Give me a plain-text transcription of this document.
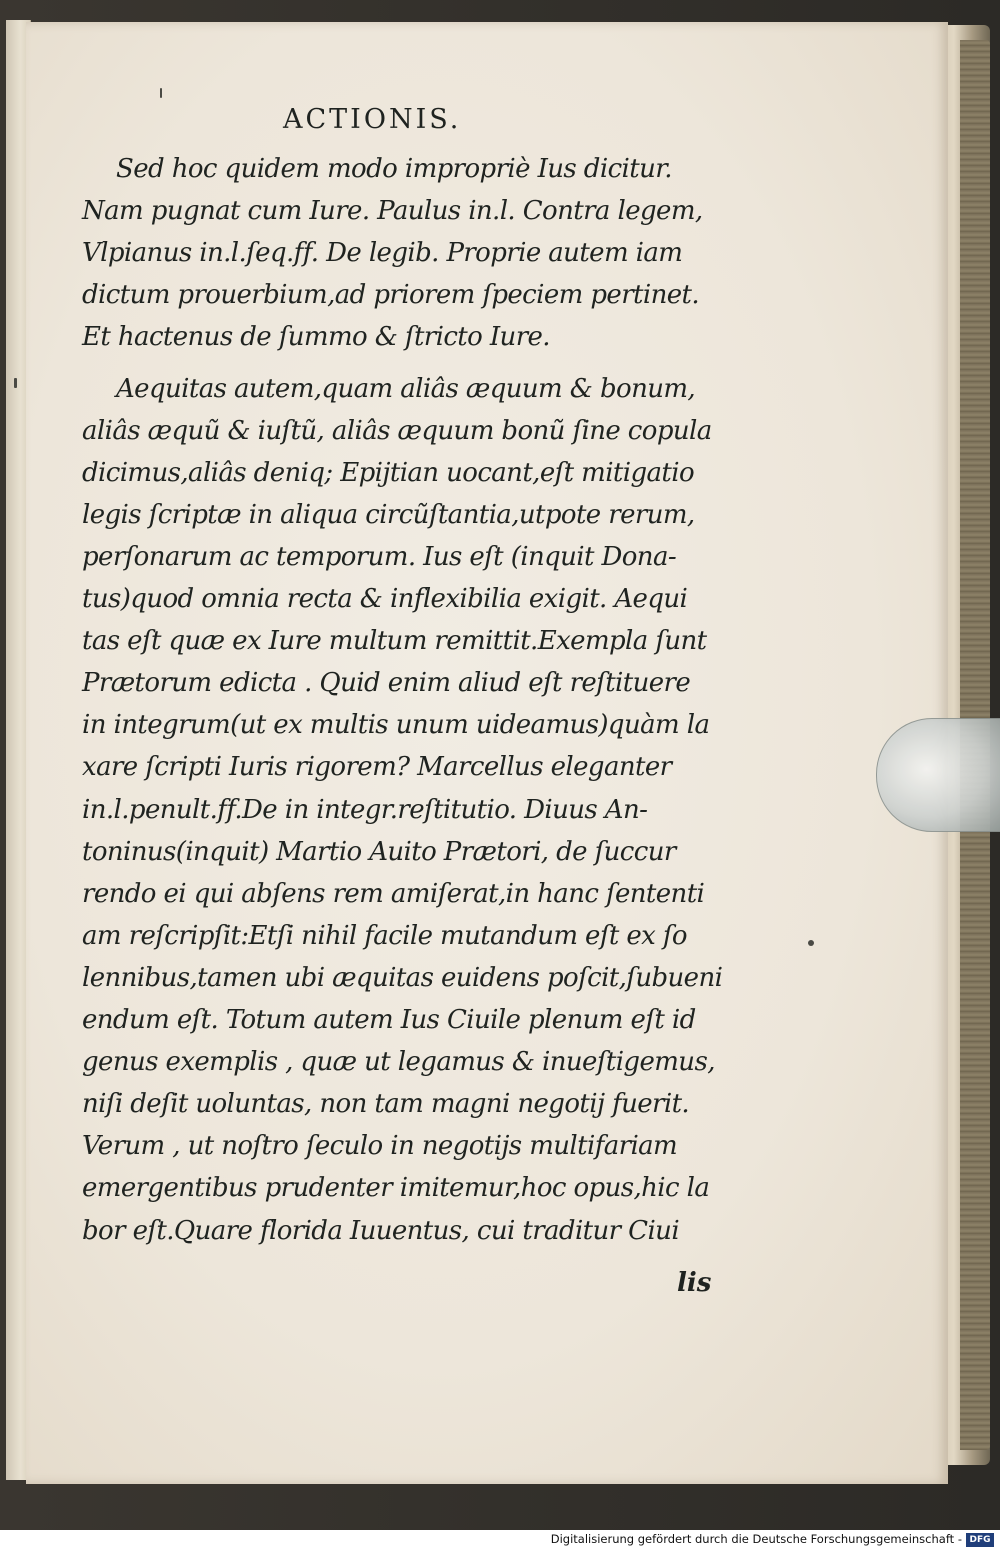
ACTIONIS.
Sed hoc quidem modo impropriè Ius dicitur.
Nam pugnat cum Iure. Paulus in.l. Contra legem,
Vlpianus in.l.ſeq.ff. De legib. Proprie autem iam
dictum prouerbium,ad priorem ſpeciem pertinet.
Et hactenus de ſummo & ſtricto Iure.
Aequitas autem,quam aliâs æquum & bonum,
aliâs æquũ & iuſtũ, aliâs æquum bonũ ſine copula
dicimus,aliâs deniq; Epijtian uocant,eſt mitigatio
legis ſcriptæ in aliqua circũſtantia,utpote rerum,
perſonarum ac temporum. Ius eſt (inquit Dona-
tus)quod omnia recta & inflexibilia exigit. Aequi
tas eſt quæ ex Iure multum remittit.Exempla ſunt
Prætorum edicta . Quid enim aliud eſt reſtituere
in integrum(ut ex multis unum uideamus)quàm la
xare ſcripti Iuris rigorem? Marcellus eleganter
in.l.penult.ff.De in integr.reſtitutio. Diuus An-
toninus(inquit) Martio Auito Prætori, de ſuccur
rendo ei qui abſens rem amiſerat,in hanc ſententi
am reſcripſit:Etſi nihil facile mutandum eſt ex ſo
lennibus,tamen ubi æquitas euidens poſcit,ſubueni
endum eſt. Totum autem Ius Ciuile plenum eſt id
genus exemplis , quæ ut legamus & inueſtigemus,
niſi deſit uoluntas, non tam magni negotij fuerit.
Verum , ut noſtro ſeculo in negotijs multifariam
emergentibus prudenter imitemur,hoc opus,hic la
bor eſt.Quare florida Iuuentus, cui traditur Ciui
lis
Digitalisierung gefördert durch die Deutsche Forschungsgemeinschaft - DFG
